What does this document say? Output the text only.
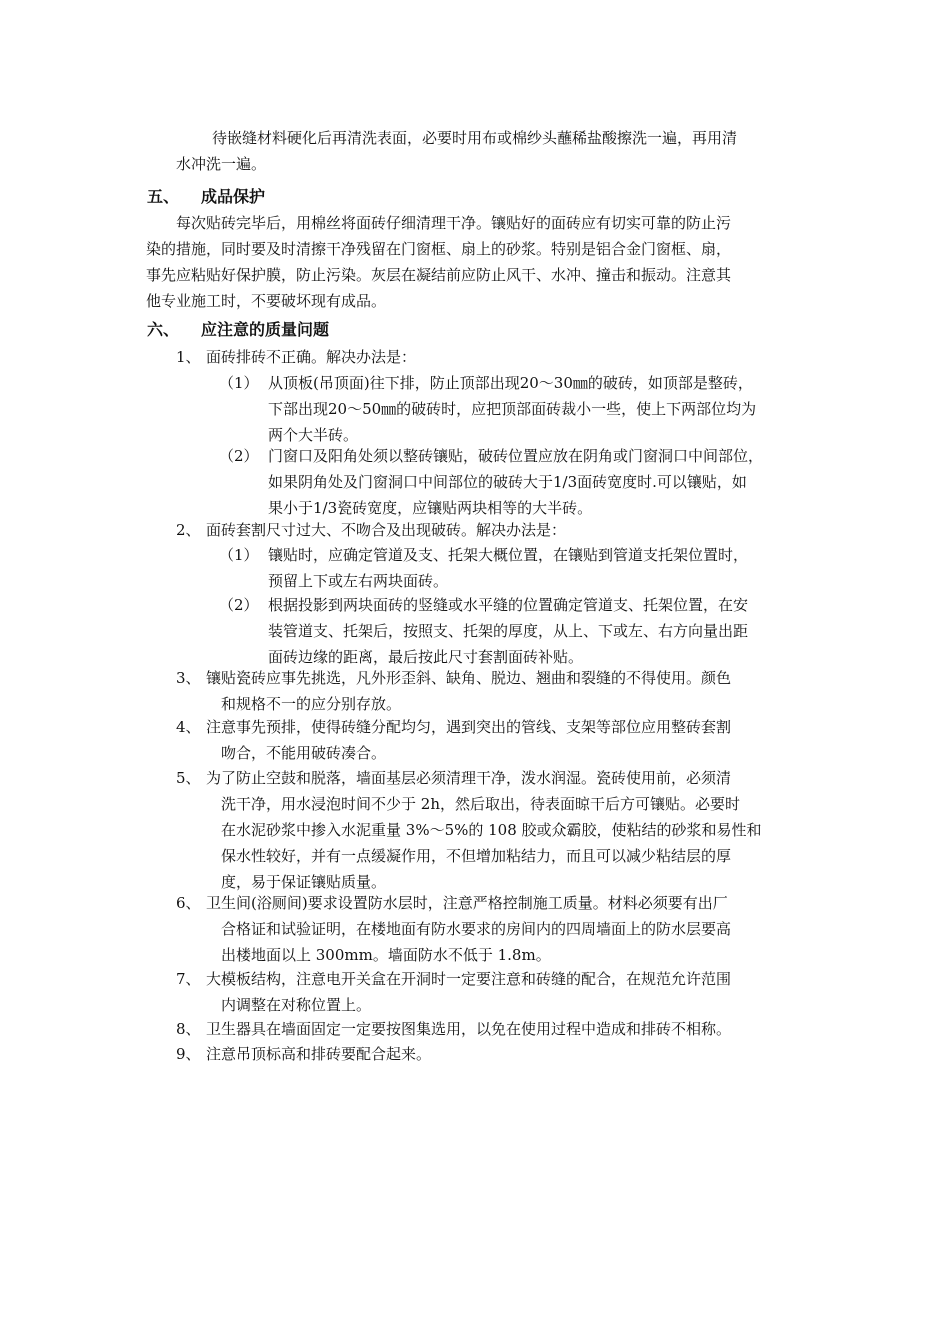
待嵌缝材料硬化后再清洗表面，必要时用布或棉纱头蘸稀盐酸擦洗一遍，再用清
水冲洗一遍。
五、 成品保护
每次贴砖完毕后，用棉丝将面砖仔细清理干净。镶贴好的面砖应有切实可靠的防止污
染的措施，同时要及时清擦干净残留在门窗框、扇上的砂浆。特别是铝合金门窗框、扇，
事先应粘贴好保护膜，防止污染。灰层在凝结前应防止风干、水冲、撞击和振动。注意其
他专业施工时，不要破坏现有成品。
六、 应注意的质量问题
1、 面砖排砖不正确。解决办法是：
（1） 从顶板(吊顶面)往下排，防止顶部出现20～30㎜的破砖，如顶部是整砖，
下部出现20～50㎜的破砖时，应把顶部面砖裁小一些，使上下两部位均为
两个大半砖。
（2） 门窗口及阳角处须以整砖镶贴，破砖位置应放在阴角或门窗洞口中间部位，
如果阴角处及门窗洞口中间部位的破砖大于1/3面砖宽度时.可以镶贴，如
果小于1/3瓷砖宽度，应镶贴两块相等的大半砖。
2、 面砖套割尺寸过大、不吻合及出现破砖。解决办法是：
（1） 镶贴时，应确定管道及支、托架大概位置，在镶贴到管道支托架位置时，
预留上下或左右两块面砖。
（2） 根据投影到两块面砖的竖缝或水平缝的位置确定管道支、托架位置，在安
装管道支、托架后，按照支、托架的厚度，从上、下或左、右方向量出距
面砖边缘的距离，最后按此尺寸套割面砖补贴。
3、 镶贴瓷砖应事先挑选，凡外形歪斜、缺角、脱边、翘曲和裂缝的不得使用。颜色
和规格不一的应分别存放。
4、 注意事先预排，使得砖缝分配均匀，遇到突出的管线、支架等部位应用整砖套割
吻合，不能用破砖凑合。
5、 为了防止空鼓和脱落，墙面基层必须清理干净，泼水润湿。瓷砖使用前，必须清
洗干净，用水浸泡时间不少于 2h，然后取出，待表面晾干后方可镶贴。必要时
在水泥砂浆中掺入水泥重量 3%～5%的 108 胶或众霸胶，使粘结的砂浆和易性和
保水性较好，并有一点缓凝作用，不但增加粘结力，而且可以减少粘结层的厚
度，易于保证镶贴质量。
6、 卫生间(浴厕间)要求设置防水层时，注意严格控制施工质量。材料必须要有出厂
合格证和试验证明，在楼地面有防水要求的房间内的四周墙面上的防水层要高
出楼地面以上 300mm。墙面防水不低于 1.8m。
7、 大模板结构，注意电开关盒在开洞时一定要注意和砖缝的配合，在规范允许范围
内调整在对称位置上。
8、 卫生器具在墙面固定一定要按图集选用，以免在使用过程中造成和排砖不相称。
9、 注意吊顶标高和排砖要配合起来。
